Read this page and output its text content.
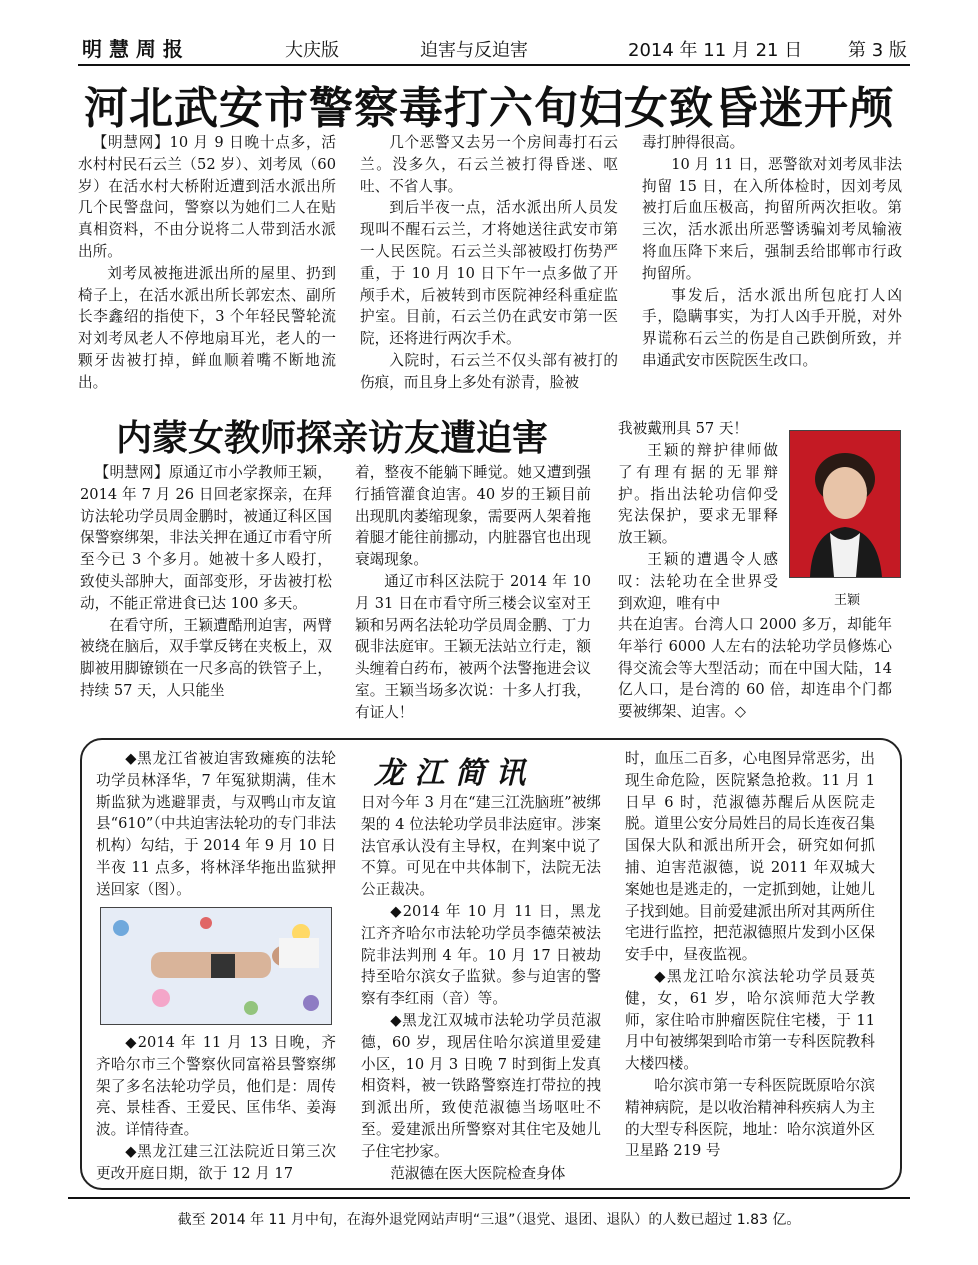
明 慧 周 报	大庆版	迫害与反迫害	2014 年 11 月 21 日	第 3 版
河北武安市警察毒打六旬妇女致昏迷开颅

【明慧网】10 月 9 日晚十点多，活水村村民石云兰（52 岁）、刘考凤（60 岁）在活水村大桥附近遭到活水派出所几个民警盘问，警察以为她们二人在贴真相资料，不由分说将二人带到活水派出所。

刘考凤被拖进派出所的屋里、扔到椅子上，在活水派出所长郭宏杰、副所长李鑫绍的指使下，3 个年轻民警轮流对刘考凤老人不停地扇耳光，老人的一颗牙齿被打掉，鲜血顺着嘴不断地流出。

几个恶警又去另一个房间毒打石云兰。没多久，石云兰被打得昏迷、呕吐、不省人事。

到后半夜一点，活水派出所人员发现叫不醒石云兰，才将她送往武安市第一人民医院。石云兰头部被殴打伤势严重，于 10 月 10 日下午一点多做了开颅手术，后被转到市医院神经科重症监护室。目前，石云兰仍在武安市第一医院，还将进行两次手术。

入院时，石云兰不仅头部有被打的伤痕，而且身上多处有淤青，脸被

毒打肿得很高。

10 月 11 日，恶警欲对刘考凤非法拘留 15 日，在入所体检时，因刘考凤被打后血压极高，拘留所两次拒收。第三次，活水派出所恶警诱骗刘考凤输液将血压降下来后，强制丢给邯郸市行政拘留所。

事发后，活水派出所包庇打人凶手，隐瞒事实，为打人凶手开脱，对外界谎称石云兰的伤是自己跌倒所致，并串通武安市医院医生改口。

内蒙女教师探亲访友遭迫害

【明慧网】原通辽市小学教师王颖，2014 年 7 月 26 日回老家探亲，在拜访法轮功学员周金鹏时，被通辽科区国保警察绑架，非法关押在通辽市看守所至今已 3 个多月。她被十多人殴打，致使头部肿大，面部变形，牙齿被打松动，不能正常进食已达 100 多天。

在看守所，王颖遭酷刑迫害，两臂被绕在脑后，双手掌反铐在夹板上，双脚被用脚镣锁在一尺多高的铁管子上，持续 57 天，人只能坐

着，整夜不能躺下睡觉。她又遭到强行插管灌食迫害。40 岁的王颖目前出现肌肉萎缩现象，需要两人架着拖着腿才能往前挪动，内脏器官也出现衰竭现象。

通辽市科区法院于 2014 年 10 月 31 日在市看守所三楼会议室对王颖和另两名法轮功学员周金鹏、丁力砚非法庭审。王颖无法站立行走，额头缠着白药布，被两个法警拖进会议室。王颖当场多次说：十多人打我，有证人！

我被戴刑具 57 天！

王颖的辩护律师做了有理有据的无罪辩护。指出法轮功信仰受宪法保护，要求无罪释放王颖。

王颖的遭遇令人感叹：法轮功在全世界受到欢迎，唯有中

共在迫害。台湾人口 2000 多万，却能年年举行 6000 人左右的法轮功学员修炼心得交流会等大型活动；而在中国大陆，14 亿人口，是台湾的 60 倍，却连串个门都要被绑架、迫害。◇

王颖
龙 江 简 讯

◆黑龙江省被迫害致瘫痪的法轮功学员林泽华，7 年冤狱期满，佳木斯监狱为逃避罪责，与双鸭山市友谊县“610”（中共迫害法轮功的专门非法机构）勾结，于 2014 年 9 月 10 日半夜 11 点多，将林泽华拖出监狱押送回家（图）。

◆2014 年 11 月 13 日晚，齐齐哈尔市三个警察伙同富裕县警察绑架了多名法轮功学员，他们是：周传亮、景桂香、王爱民、匡伟华、姜海波。详情待查。

◆黑龙江建三江法院近日第三次更改开庭日期，欲于 12 月 17

日对今年 3 月在“建三江洗脑班”被绑架的 4 位法轮功学员非法庭审。涉案法官承认没有主导权，在判案中说了不算。可见在中共体制下，法院无法公正裁决。

◆2014 年 10 月 11 日，黑龙江齐齐哈尔市法轮功学员李德荣被法院非法判刑 4 年。10 月 17 日被劫持至哈尔滨女子监狱。参与迫害的警察有李红雨（音）等。

◆黑龙江双城市法轮功学员范淑德，60 岁，现居住哈尔滨道里爱建小区，10 月 3 日晚 7 时到街上发真相资料，被一铁路警察连打带拉的拽到派出所，致使范淑德当场呕吐不至。爱建派出所警察对其住宅及她儿子住宅抄家。

范淑德在医大医院检查身体

时，血压二百多，心电图异常恶劣，出现生命危险，医院紧急抢救。11 月 1 日早 6 时，范淑德苏醒后从医院走脱。道里公安分局姓吕的局长连夜召集国保大队和派出所开会，研究如何抓捕、迫害范淑德，说 2011 年双城大案她也是逃走的，一定抓到她，让她儿子找到她。目前爱建派出所对其两所住宅进行监控，把范淑德照片发到小区保安手中，昼夜监视。

◆黑龙江哈尔滨法轮功学员聂英健，女，61 岁，哈尔滨师范大学教师，家住哈市肿瘤医院住宅楼，于 11 月中旬被绑架到哈市第一专科医院教科大楼四楼。

哈尔滨市第一专科医院既原哈尔滨精神病院，是以收治精神科疾病人为主的大型专科医院，地址：哈尔滨道外区卫星路 219 号

截至 2014 年 11 月中旬，在海外退党网站声明“三退”（退党、退团、退队）的人数已超过 1.83 亿。
